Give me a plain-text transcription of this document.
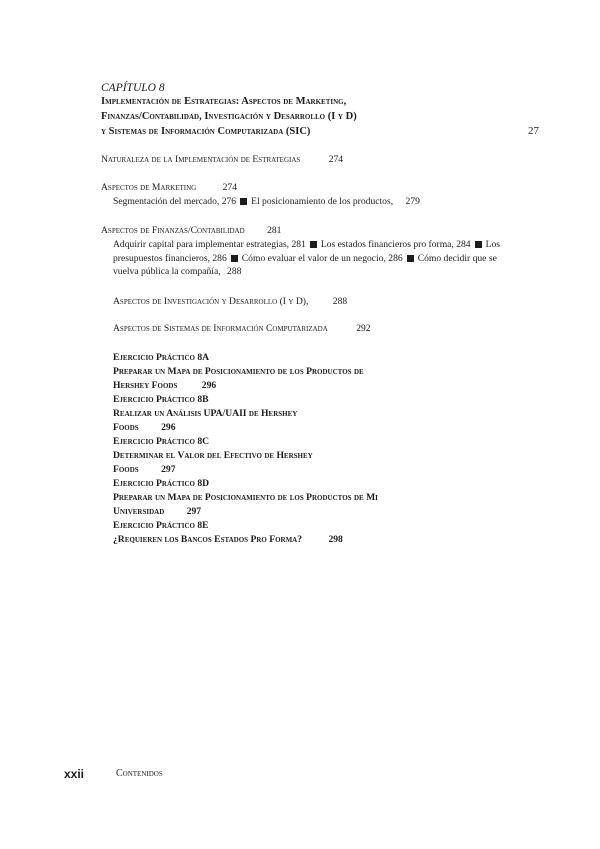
CAPÍTULO 8
Implementación de Estrategias: Aspectos de Marketing,
Finanzas/Contabilidad, Investigación y Desarrollo (I y D)
y Sistemas de Información Computarizada (SIC)	27
Naturaleza de la Implementación de Estrategias	274
Aspectos de Marketing	274
Segmentación del mercado, 276 El posicionamiento de los productos, 279
Aspectos de Finanzas/Contabilidad 281
Adquirir capital para implementar estrategias, 281 Los estados financieros pro forma, 284 Los
presupuestos financieros, 286 Cómo evaluar el valor de un negocio, 286 Cómo decidir que se
vuelva pública la compañía, 288
Aspectos de Investigación y Desarrollo (I y D),	288
Aspectos de Sistemas de Información Computarizada	292
Ejercicio Práctico 8A
Preparar un Mapa de Posicionamiento de los Productos de
Hershey Foods	296
Ejercicio Práctico 8B
Realizar un Análisis UPA/UAII de Hershey
Foods 296
Ejercicio Práctico 8C
Determinar el Valor del Efectivo de Hershey
Foods 297
Ejercicio Práctico 8D
Preparar un Mapa de Posicionamiento de los Productos de Mi
Universidad 297
Ejercicio Práctico 8E
¿Requieren los Bancos Estados Pro Forma?	298
xxii	Contenidos
